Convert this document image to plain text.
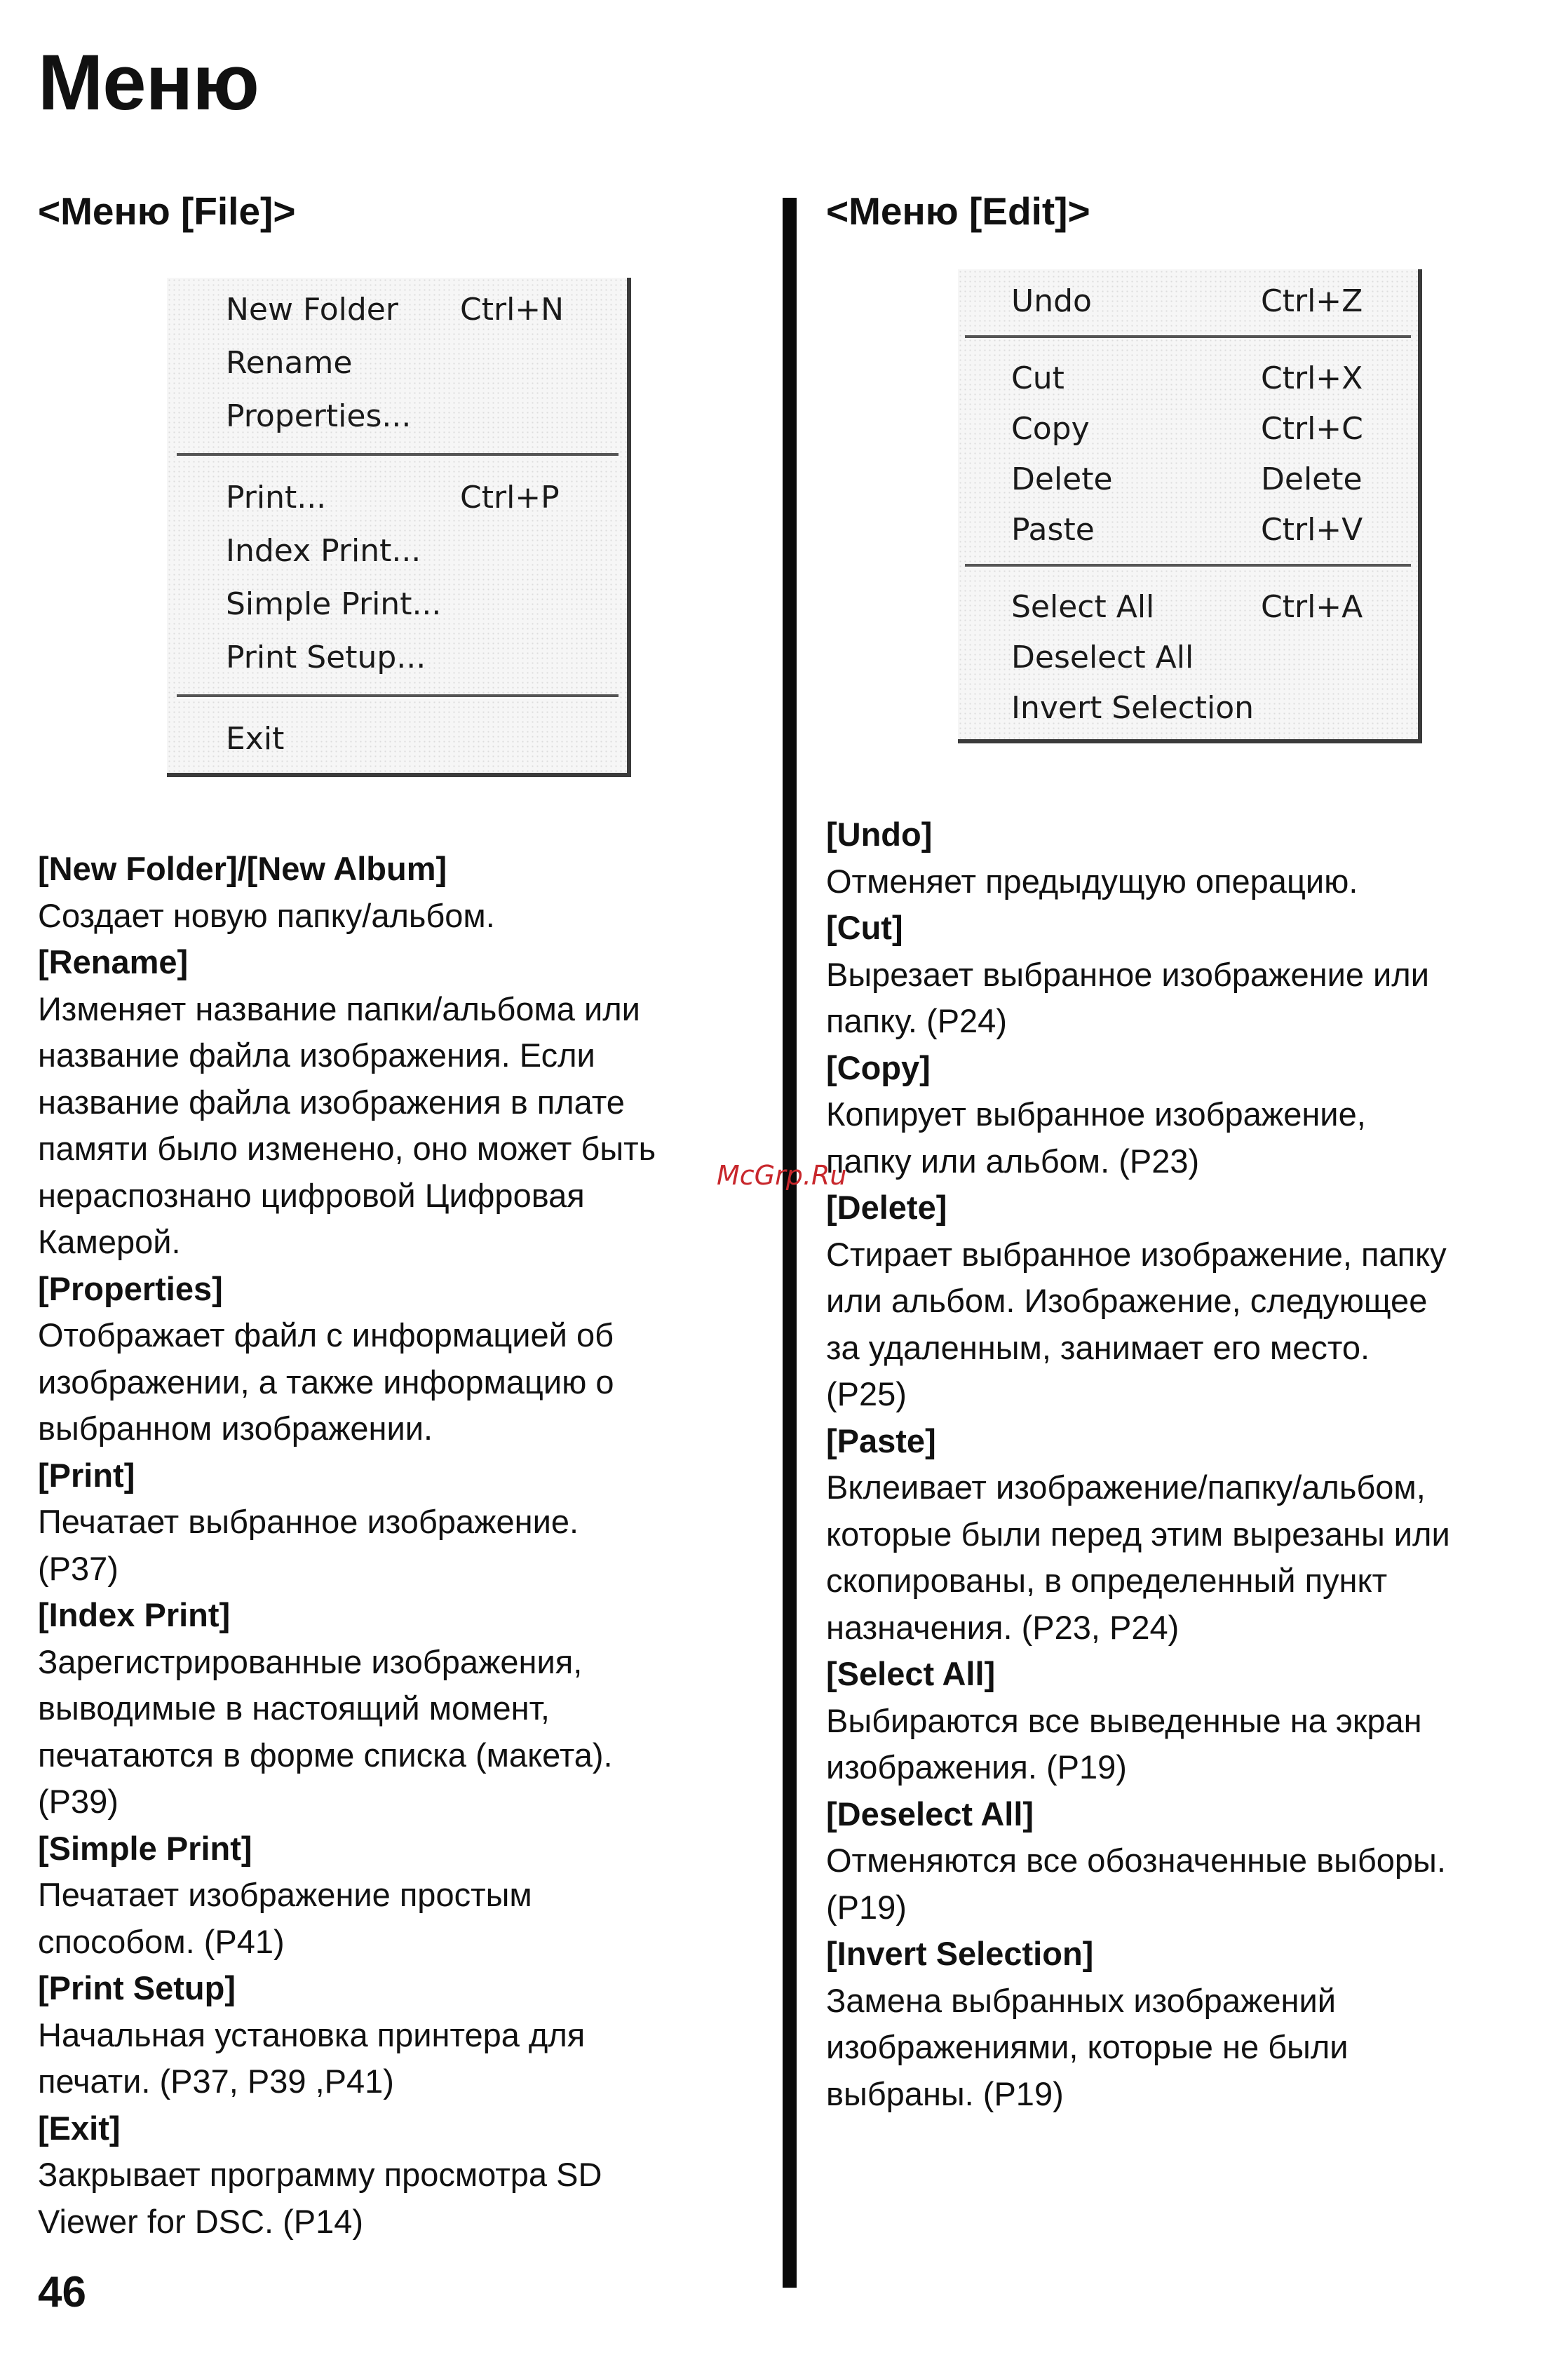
Меню
<Меню [File]>	<Меню [Edit]>
New Folder Ctrl+N
Rename
Properties...
Print...	Ctrl+P
Index Print...
Simple Print...
Print Setup...
Exit
Undo	Ctrl+Z
Cut	Ctrl+X
Copy	Ctrl+C
Delete	Delete
Paste	Ctrl+V
Select All	Ctrl+A
Deselect All
Invert Selection
[New Folder]/[New Album]
Создает новую папку/альбом.
[Rename]
Изменяет название папки/альбома или
название файла изображения. Если
название файла изображения в плате
памяти было изменено, оно может быть
нераспознано цифровой Цифровая
Камерой.
[Properties]
Отображает файл с информацией об
изображении, а также информацию о
выбранном изображении.
[Print]
Печатает выбранное изображение.
(P37)
[Index Print]
Зарегистрированные изображения,
выводимые в настоящий момент,
печатаются в форме списка (макета).
(P39)
[Simple Print]
Печатает изображение простым
способом. (P41)
[Print Setup]
Начальная установка принтера для
печати. (P37, P39 ,P41)
[Exit]
Закрывает программу просмотра SD
Viewer for DSC. (P14)
[Undo]
Отменяет предыдущую операцию.
[Cut]
Вырезает выбранное изображение или
папку. (P24)
[Copy]
Копирует выбранное изображение,
папку или альбом. (P23)
[Delete]
Стирает выбранное изображение, папку
или альбом. Изображение, следующее
за удаленным, занимает его место.
(P25)
[Paste]
Вклеивает изображение/папку/альбом,
которые были перед этим вырезаны или
скопированы, в определенный пункт
назначения. (P23, P24)
[Select All]
Выбираются все выведенные на экран
изображения. (P19)
[Deselect All]
Отменяются все обозначенные выборы.
(P19)
[Invert Selection]
Замена выбранных изображений
изображениями, которые не были
выбраны. (P19)
McGrp.Ru
46
